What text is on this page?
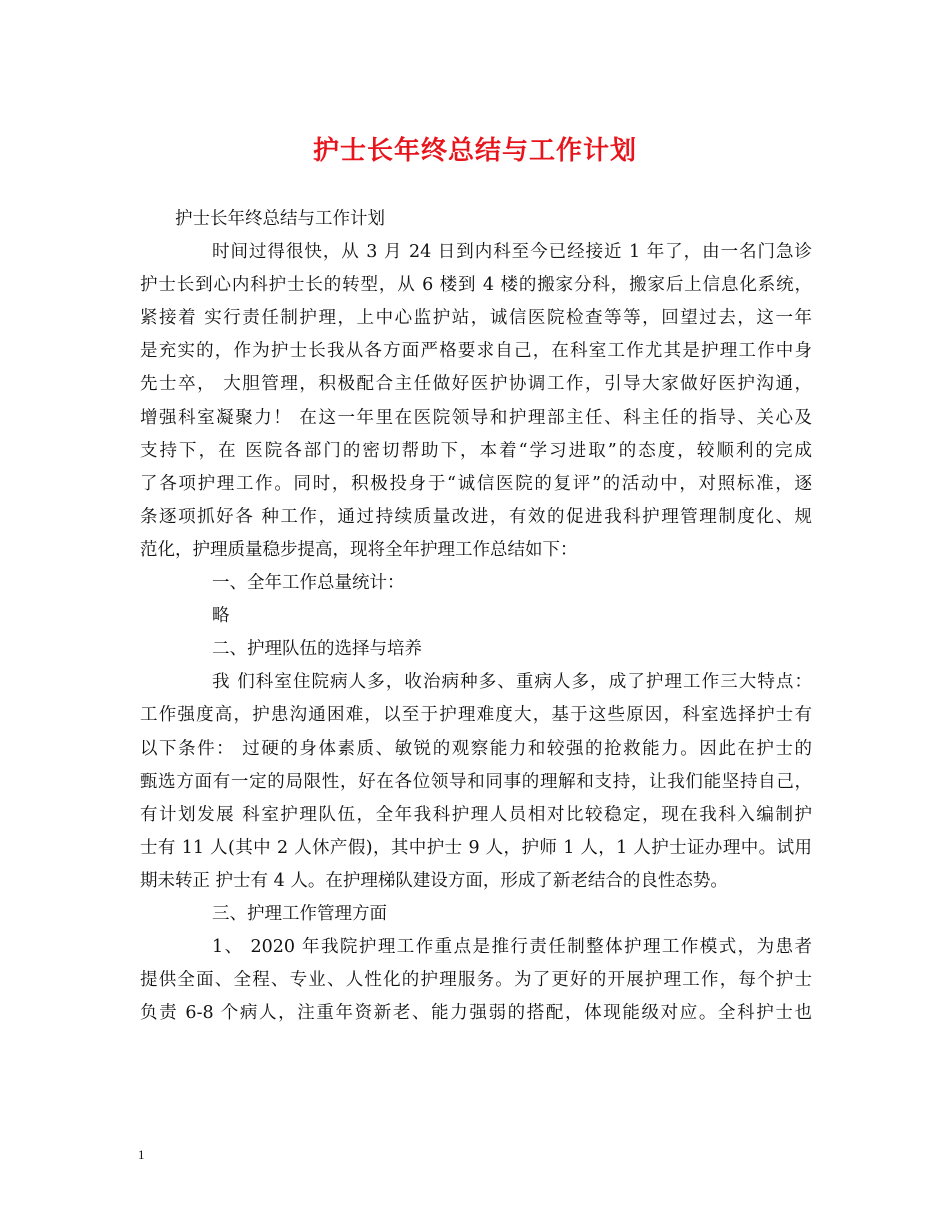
护士长年终总结与工作计划

护士长年终总结与工作计划

时间过得很快，从 3 月 24 日到内科至今已经接近 1 年了，由一名门急诊

护士长到心内科护士长的转型，从 6 楼到 4 楼的搬家分科，搬家后上信息化系统，

紧接着 实行责任制护理，上中心监护站，诚信医院检查等等，回望过去，这一年

是充实的，作为护士长我从各方面严格要求自己，在科室工作尤其是护理工作中身

先士卒， 大胆管理，积极配合主任做好医护协调工作，引导大家做好医护沟通，

增强科室凝聚力！ 在这一年里在医院领导和护理部主任、科主任的指导、关心及

支持下，在 医院各部门的密切帮助下，本着“学习进取”的态度，较顺利的完成

了各项护理工作。同时，积极投身于“诚信医院的复评”的活动中，对照标准，逐

条逐项抓好各 种工作，通过持续质量改进，有效的促进我科护理管理制度化、规

范化，护理质量稳步提高，现将全年护理工作总结如下：

一、全年工作总量统计：

略

二、护理队伍的选择与培养

我 们科室住院病人多，收治病种多、重病人多，成了护理工作三大特点：

工作强度高，护患沟通困难，以至于护理难度大，基于这些原因，科室选择护士有

以下条件： 过硬的身体素质、敏锐的观察能力和较强的抢救能力。因此在护士的

甄选方面有一定的局限性，好在各位领导和同事的理解和支持，让我们能坚持自己，

有计划发展 科室护理队伍，全年我科护理人员相对比较稳定，现在我科入编制护

士有 11 人(其中 2 人休产假)，其中护士 9 人，护师 1 人，1 人护士证办理中。试用

期未转正 护士有 4 人。在护理梯队建设方面，形成了新老结合的良性态势。

三、护理工作管理方面

1、 2020 年我院护理工作重点是推行责任制整体护理工作模式，为患者

提供全面、全程、专业、人性化的护理服务。为了更好的开展护理工作，每个护士

负责 6-8 个病人，注重年资新老、能力强弱的搭配，体现能级对应。全科护士也

1
